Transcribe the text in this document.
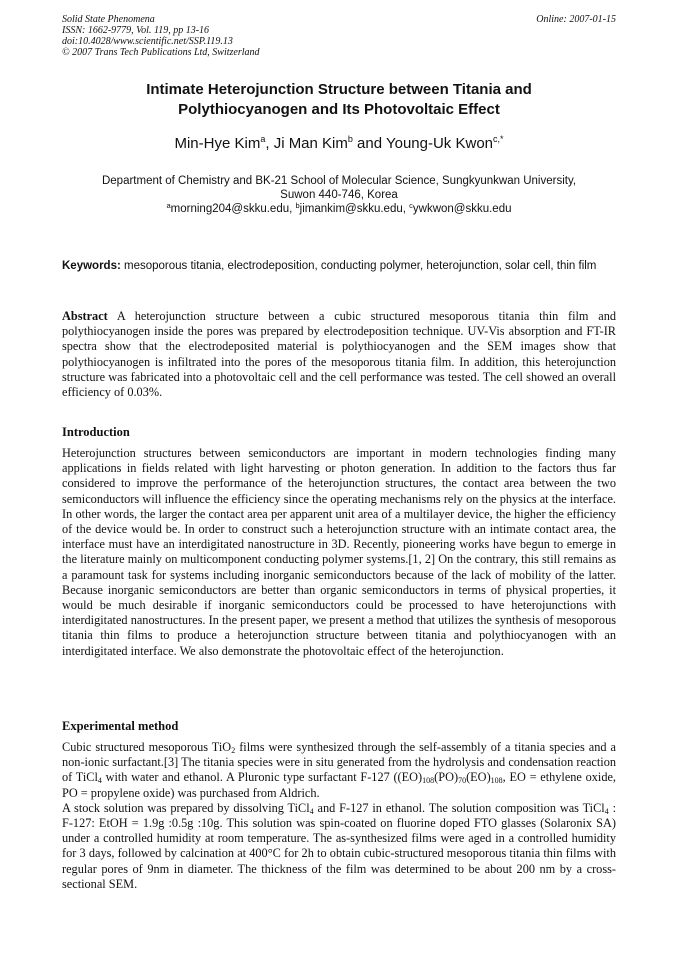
Solid State Phenomena
ISSN: 1662-9779, Vol. 119, pp 13-16
doi:10.4028/www.scientific.net/SSP.119.13
© 2007 Trans Tech Publications Ltd, Switzerland
Online: 2007-01-15
Intimate Heterojunction Structure between Titania and
Polythiocyanogen and Its Photovoltaic Effect
Min-Hye Kim$^a$, Ji Man Kim$^b$ and Young-Uk Kwon$^{c,*}$
Department of Chemistry and BK-21 School of Molecular Science, Sungkyunkwan University,
Suwon 440-746, Korea
$^a$morning204@skku.edu, $^b$jimankim@skku.edu, $^c$ywkwon@skku.edu
Keywords: mesoporous titania, electrodeposition, conducting polymer, heterojunction, solar cell, thin film

Abstract A heterojunction structure between a cubic structured mesoporous titania thin film and polythiocyanogen inside the pores was prepared by electrodeposition technique. UV-Vis absorption and FT-IR spectra show that the electrodeposited material is polythiocyanogen and the SEM images show that polythiocyanogen is infiltrated into the pores of the mesoporous titania film. In addition, this heterojunction structure was fabricated into a photovoltaic cell and the cell performance was tested. The cell showed an overall efficiency of 0.03%.

Introduction

Heterojunction structures between semiconductors are important in modern technologies finding many applications in fields related with light harvesting or photon generation. In addition to the factors thus far considered to improve the performance of the heterojunction structures, the contact area between the two semiconductors will influence the efficiency since the operating mechanisms rely on the physics at the interface. In other words, the larger the contact area per apparent unit area of a multilayer device, the higher the efficiency of the device would be. In order to construct such a heterojunction structure with an intimate contact area, the interface must have an interdigitated nanostructure in 3D. Recently, pioneering works have begun to emerge in the literature mainly on multicomponent conducting polymer systems.[1, 2] On the contrary, this still remains as a paramount task for systems including inorganic semiconductors because of the lack of mobility of the latter. Because inorganic semiconductors are better than organic semiconductors in terms of physical properties, it would be much desirable if inorganic semiconductors could be processed to have heterojunctions with interdigitated nanostructures. In the present paper, we present a method that utilizes the synthesis of mesoporous titania thin films to produce a heterojunction structure between titania and polythiocyanogen with an interdigitated interface. We also demonstrate the photovoltaic effect of the heterojunction.

Experimental method

Cubic structured mesoporous TiO$_2$ films were synthesized through the self-assembly of a titania species and a non-ionic surfactant.[3] The titania species were in situ generated from the hydrolysis and condensation reaction of TiCl$_4$ with water and ethanol. A Pluronic type surfactant F-127 ($(EO)_{108}(PO)_{70}(EO)_{108}$, EO = ethylene oxide, PO = propylene oxide) was purchased from Aldrich.

A stock solution was prepared by dissolving TiCl$_4$ and F-127 in ethanol. The solution composition was TiCl$_4$ : F-127: EtOH = 1.9g :0.5g :10g. This solution was spin-coated on fluorine doped FTO glasses (Solaronix SA) under a controlled humidity at room temperature. The as-synthesized films were aged in a controlled humidity for 3 days, followed by calcination at 400°C for 2h to obtain cubic-structured mesoporous titania thin films with regular pores of 9nm in diameter. The thickness of the film was determined to be about 200 nm by a cross-sectional SEM.
